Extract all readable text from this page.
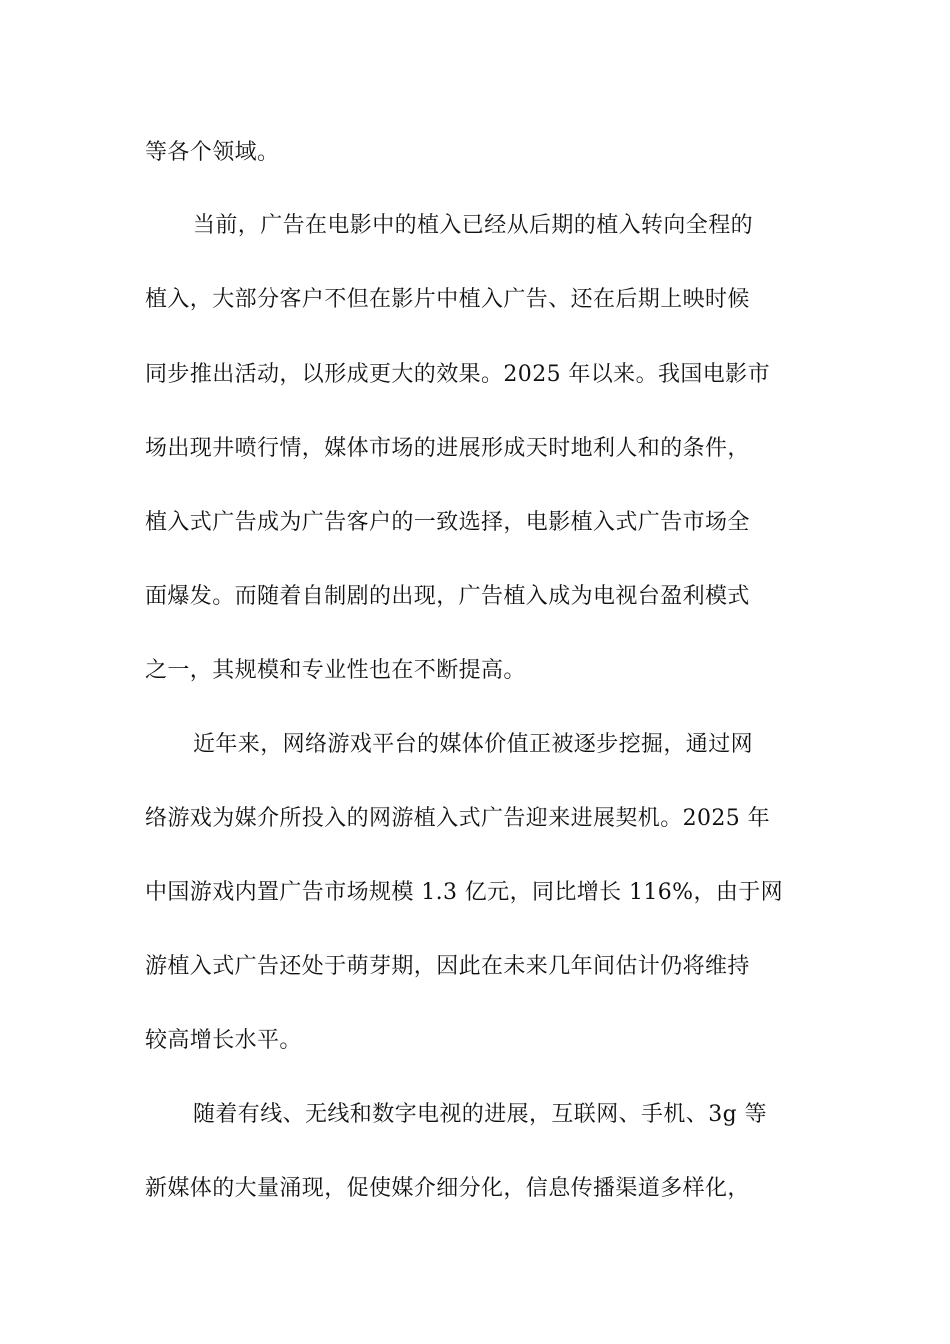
等各个领域。
当前，广告在电影中的植入已经从后期的植入转向全程的
植入，大部分客户不但在影片中植入广告、还在后期上映时候
同步推出活动，以形成更大的效果。2025 年以来。我国电影市
场出现井喷行情，媒体市场的进展形成天时地利人和的条件，
植入式广告成为广告客户的一致选择，电影植入式广告市场全
面爆发。而随着自制剧的出现，广告植入成为电视台盈利模式
之一，其规模和专业性也在不断提高。
近年来，网络游戏平台的媒体价值正被逐步挖掘，通过网
络游戏为媒介所投入的网游植入式广告迎来进展契机。2025 年
中国游戏内置广告市场规模 1.3 亿元，同比增长 116%，由于网
游植入式广告还处于萌芽期，因此在未来几年间估计仍将维持
较高增长水平。
随着有线、无线和数字电视的进展，互联网、手机、3g 等
新媒体的大量涌现，促使媒介细分化，信息传播渠道多样化，
